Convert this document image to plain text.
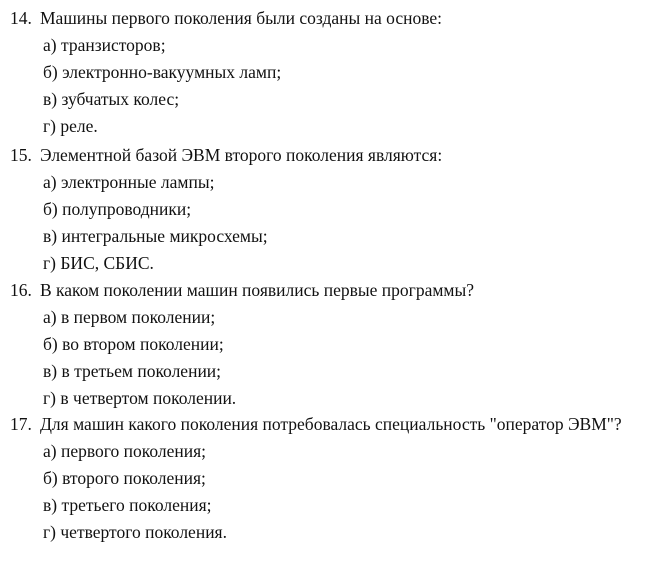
14. Машины первого поколения были созданы на основе:
а) транзисторов;
б) электронно-вакуумных ламп;
в) зубчатых колес;
г) реле.
15. Элементной базой ЭВМ второго поколения являются:
а) электронные лампы;
б) полупроводники;
в) интегральные микросхемы;
г) БИС, СБИС.
16. В каком поколении машин появились первые программы?
а) в первом поколении;
б) во втором поколении;
в) в третьем поколении;
г) в четвертом поколении.
17. Для машин какого поколения потребовалась специальность "оператор ЭВМ"?
а) первого поколения;
б) второго поколения;
в) третьего поколения;
г) четвертого поколения.
